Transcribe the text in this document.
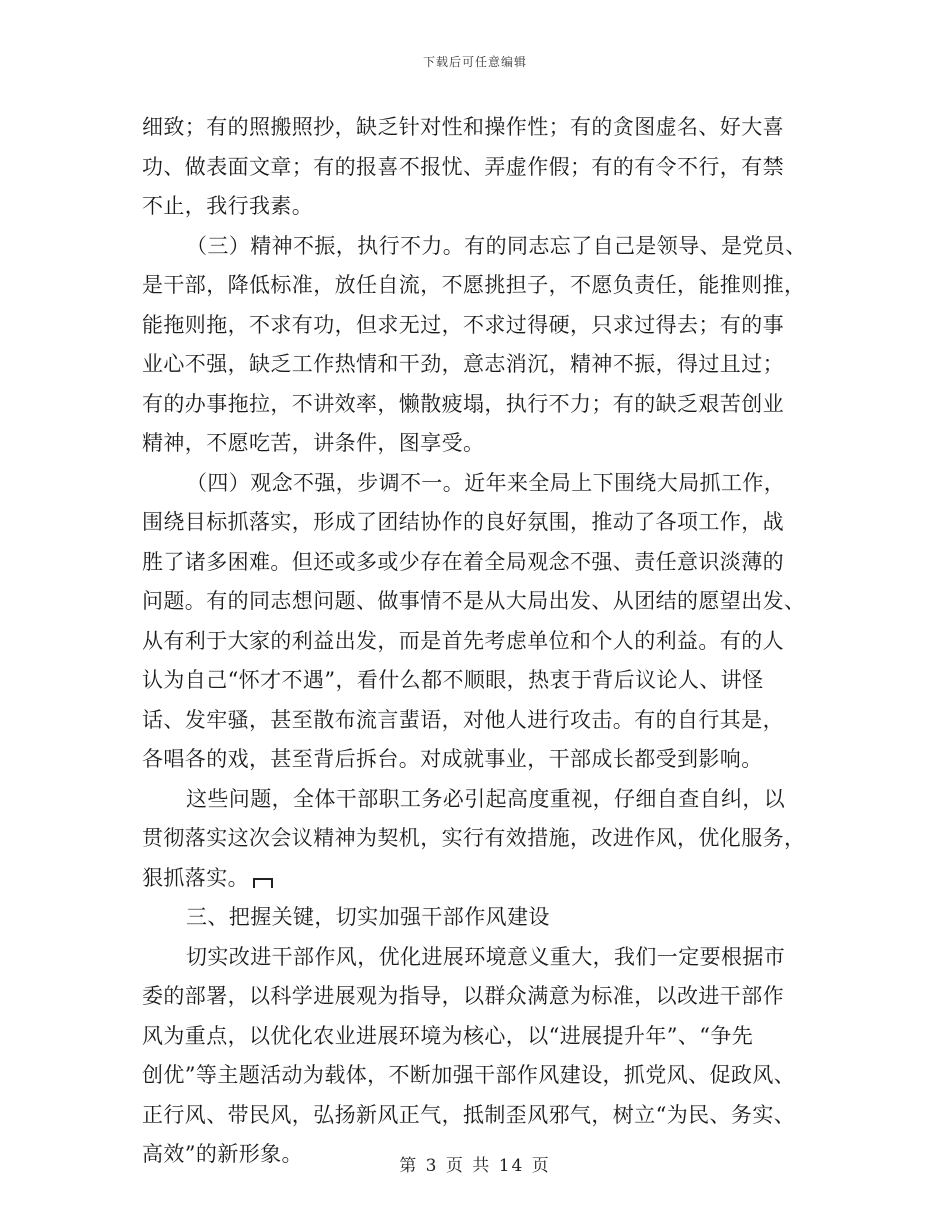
下载后可任意编辑
细致；有的照搬照抄，缺乏针对性和操作性；有的贪图虚名、好大喜
功、做表面文章；有的报喜不报忧、弄虚作假；有的有令不行，有禁
不止，我行我素。
（三）精神不振，执行不力。有的同志忘了自己是领导、是党员、
是干部，降低标准，放任自流，不愿挑担子，不愿负责任，能推则推，
能拖则拖，不求有功，但求无过，不求过得硬，只求过得去；有的事
业心不强，缺乏工作热情和干劲，意志消沉，精神不振，得过且过；
有的办事拖拉，不讲效率，懒散疲塌，执行不力；有的缺乏艰苦创业
精神，不愿吃苦，讲条件，图享受。
（四）观念不强，步调不一。近年来全局上下围绕大局抓工作，
围绕目标抓落实，形成了团结协作的良好氛围，推动了各项工作，战
胜了诸多困难。但还或多或少存在着全局观念不强、责任意识淡薄的
问题。有的同志想问题、做事情不是从大局出发、从团结的愿望出发、
从有利于大家的利益出发，而是首先考虑单位和个人的利益。有的人
认为自己“怀才不遇”，看什么都不顺眼，热衷于背后议论人、讲怪
话、发牢骚，甚至散布流言蜚语，对他人进行攻击。有的自行其是，
各唱各的戏，甚至背后拆台。对成就事业，干部成长都受到影响。
这些问题，全体干部职工务必引起高度重视，仔细自查自纠，以
贯彻落实这次会议精神为契机，实行有效措施，改进作风，优化服务，
狠抓落实。
三、把握关键，切实加强干部作风建设
切实改进干部作风，优化进展环境意义重大，我们一定要根据市
委的部署，以科学进展观为指导，以群众满意为标准，以改进干部作
风为重点，以优化农业进展环境为核心，以“进展提升年”、“争先
创优”等主题活动为载体，不断加强干部作风建设，抓党风、促政风、
正行风、带民风，弘扬新风正气，抵制歪风邪气，树立“为民、务实、
高效”的新形象。	第 3 页 共 14 页
